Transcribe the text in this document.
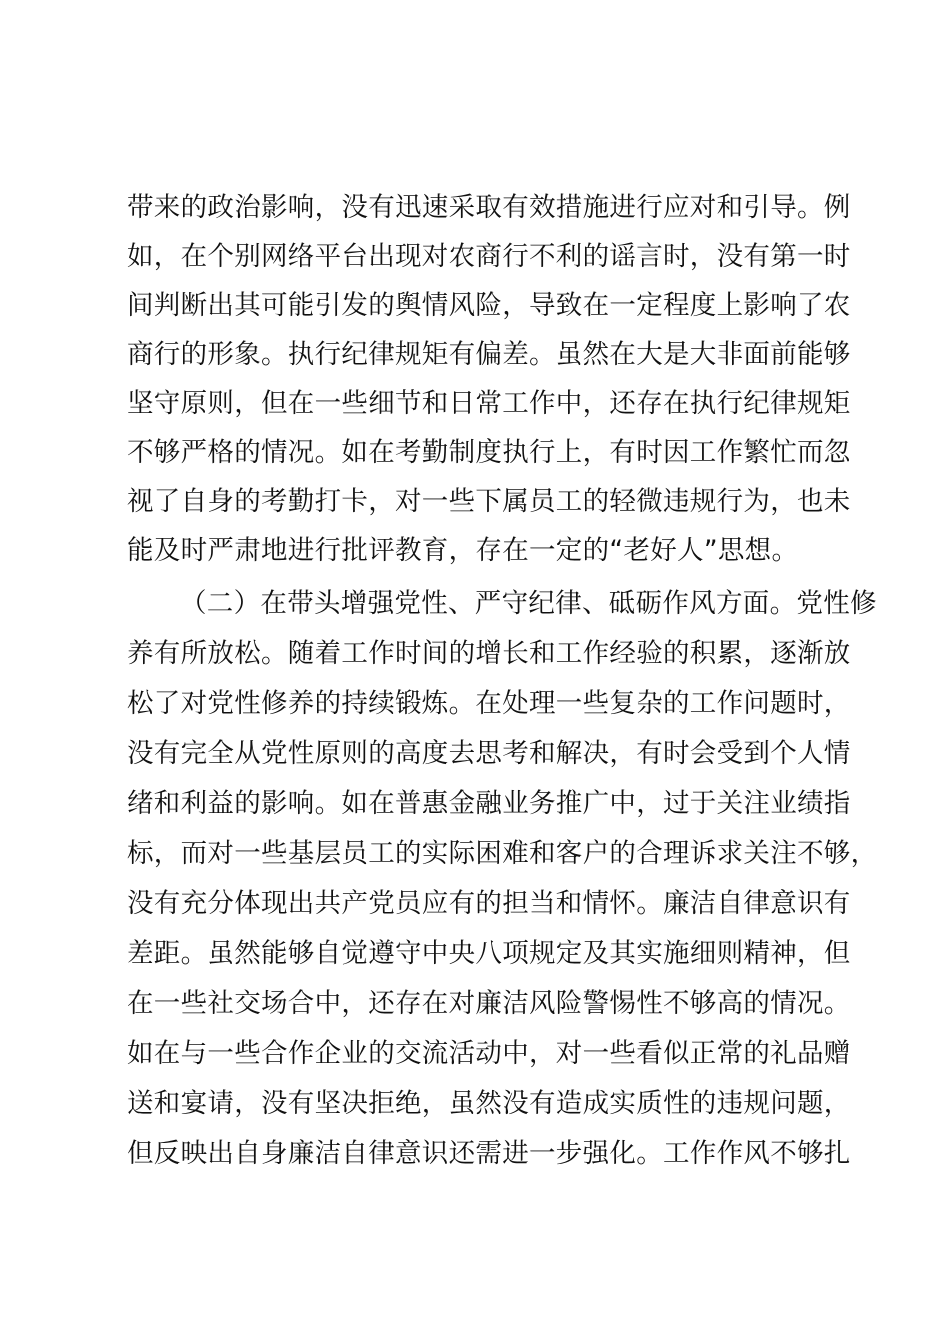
带来的政治影响，没有迅速采取有效措施进行应对和引导。例
如，在个别网络平台出现对农商行不利的谣言时，没有第一时
间判断出其可能引发的舆情风险，导致在一定程度上影响了农
商行的形象。执行纪律规矩有偏差。虽然在大是大非面前能够
坚守原则，但在一些细节和日常工作中，还存在执行纪律规矩
不够严格的情况。如在考勤制度执行上，有时因工作繁忙而忽
视了自身的考勤打卡，对一些下属员工的轻微违规行为，也未
能及时严肃地进行批评教育，存在一定的“老好人”思想。
（二）在带头增强党性、严守纪律、砥砺作风方面。党性修
养有所放松。随着工作时间的增长和工作经验的积累，逐渐放
松了对党性修养的持续锻炼。在处理一些复杂的工作问题时，
没有完全从党性原则的高度去思考和解决，有时会受到个人情
绪和利益的影响。如在普惠金融业务推广中，过于关注业绩指
标，而对一些基层员工的实际困难和客户的合理诉求关注不够，
没有充分体现出共产党员应有的担当和情怀。廉洁自律意识有
差距。虽然能够自觉遵守中央八项规定及其实施细则精神，但
在一些社交场合中，还存在对廉洁风险警惕性不够高的情况。
如在与一些合作企业的交流活动中，对一些看似正常的礼品赠
送和宴请，没有坚决拒绝，虽然没有造成实质性的违规问题，
但反映出自身廉洁自律意识还需进一步强化。工作作风不够扎
